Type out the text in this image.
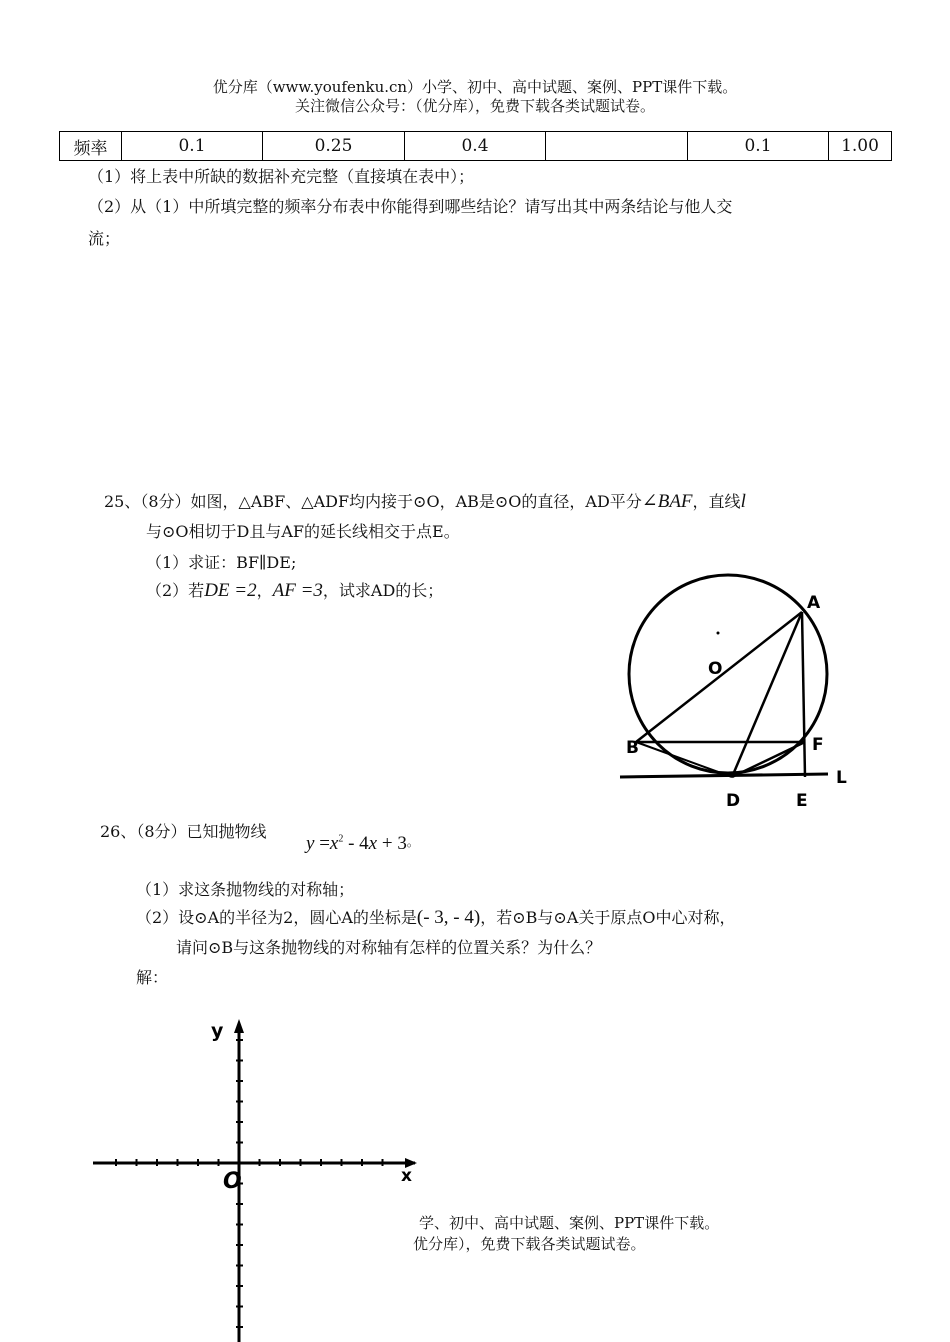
优分库（www.youfenku.cn）小学、初中、高中试题、案例、PPT课件下载。
关注微信公众号：（优分库），免费下载各类试题试卷。
频率	0.1	0.25	0.4		0.1	1.00
（1）将上表中所缺的数据补充完整（直接填在表中）；
（2）从（1）中所填完整的频率分布表中你能得到哪些结论？请写出其中两条结论与他人交
流；
25、（8分）如图，△ABF、△ADF均内接于⊙O，AB是⊙O的直径，AD平分∠BAF，直线l
与⊙O相切于D且与AF的延长线相交于点E。
（1）求证：BF∥DE;
（2）若DE =2，AF =3，试求AD的长；
A
O
B	F
L
D	E
26、（8分）已知抛物线
$y =x^2 - 4x + 3^。$
（1）求这条抛物线的对称轴；
（2）设⊙A的半径为2，圆心A的坐标是(- 3, - 4)，若⊙B与⊙A关于原点O中心对称，
请问⊙B与这条抛物线的对称轴有怎样的位置关系？为什么？
解：
y
x
O
学、初中、高中试题、案例、PPT课件下载。
优分库），免费下载各类试题试卷。
